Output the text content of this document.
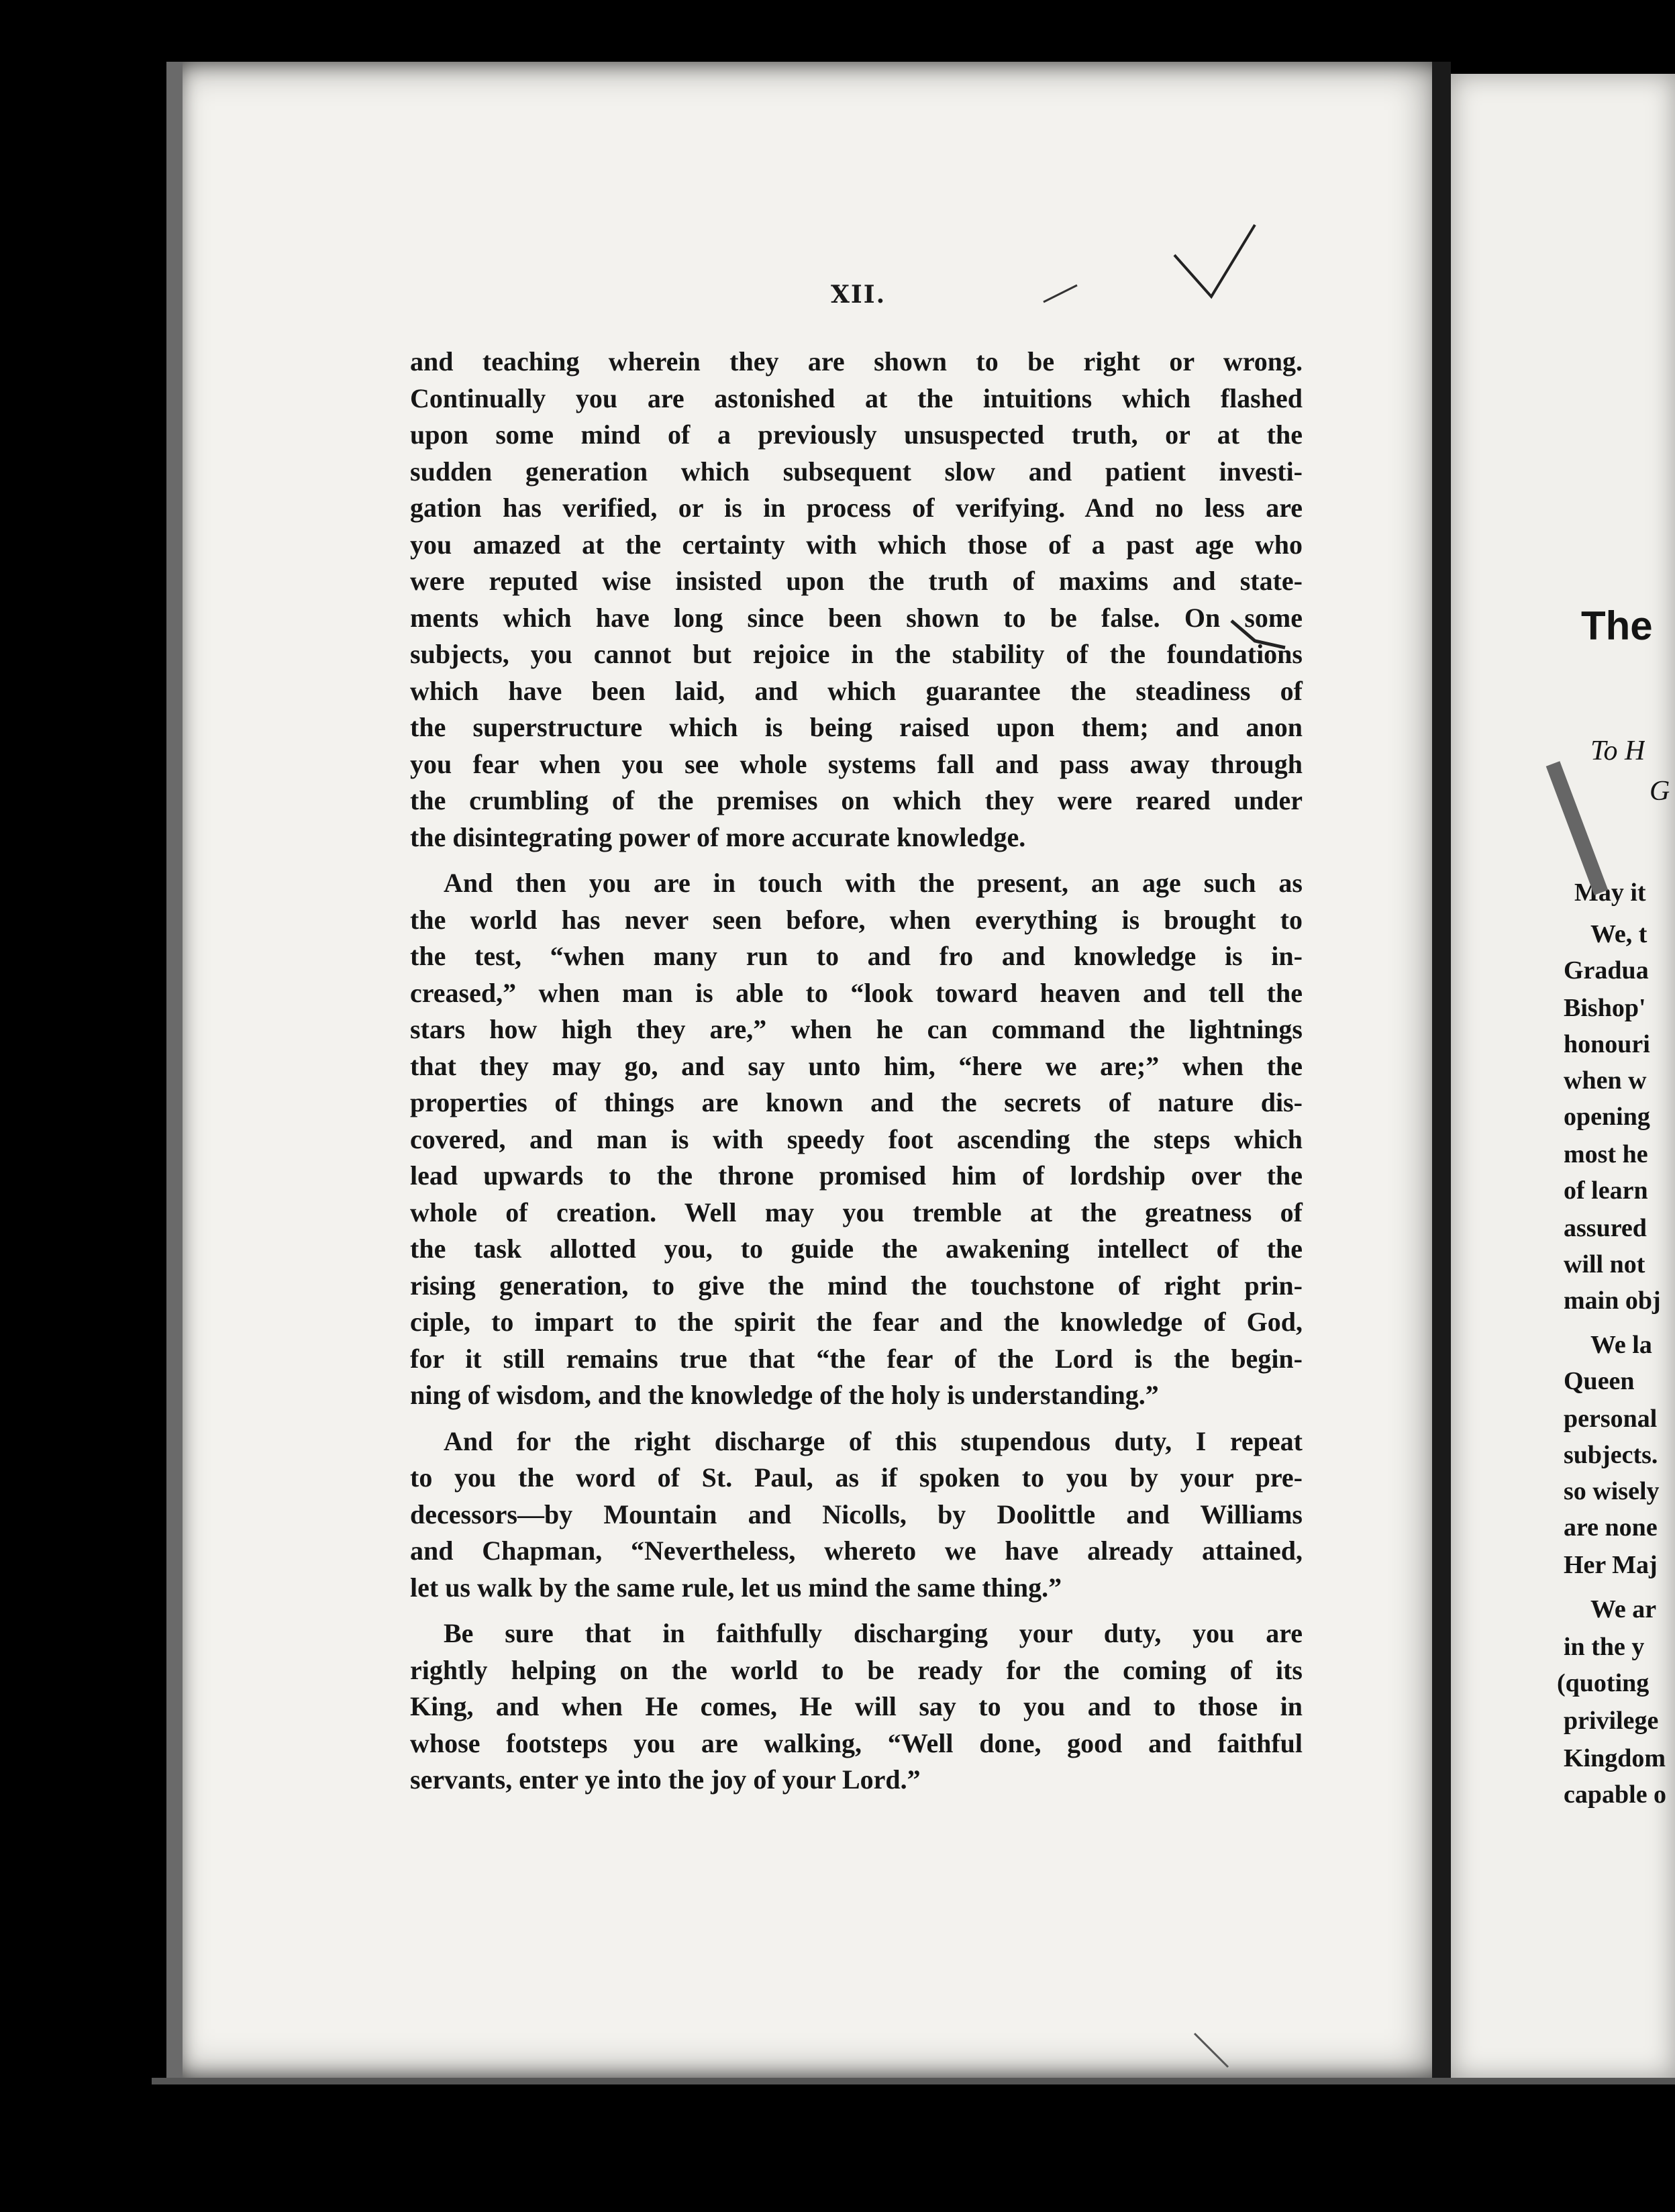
XII.
and teaching wherein they are shown to be right or wrong.
Continually you are astonished at the intuitions which flashed
upon some mind of a previously unsuspected truth, or at the
sudden generation which subsequent slow and patient investi-
gation has verified, or is in process of verifying. And no less are
you amazed at the certainty with which those of a past age who
were reputed wise insisted upon the truth of maxims and state-
ments which have long since been shown to be false. On some
subjects, you cannot but rejoice in the stability of the foundations
which have been laid, and which guarantee the steadiness of
the superstructure which is being raised upon them; and anon
you fear when you see whole systems fall and pass away through
the crumbling of the premises on which they were reared under
the disintegrating power of more accurate knowledge.
And then you are in touch with the present, an age such as
the world has never seen before, when everything is brought to
the test, “when many run to and fro and knowledge is in-
creased,” when man is able to “look toward heaven and tell the
stars how high they are,” when he can command the lightnings
that they may go, and say unto him, “here we are;” when the
properties of things are known and the secrets of nature dis-
covered, and man is with speedy foot ascending the steps which
lead upwards to the throne promised him of lordship over the
whole of creation. Well may you tremble at the greatness of
the task allotted you, to guide the awakening intellect of the
rising generation, to give the mind the touchstone of right prin-
ciple, to impart to the spirit the fear and the knowledge of God,
for it still remains true that “the fear of the Lord is the begin-
ning of wisdom, and the knowledge of the holy is understanding.”
And for the right discharge of this stupendous duty, I repeat
to you the word of St. Paul, as if spoken to you by your pre-
decessors—by Mountain and Nicolls, by Doolittle and Williams
and Chapman, “Nevertheless, whereto we have already attained,
let us walk by the same rule, let us mind the same thing.”
Be sure that in faithfully discharging your duty, you are
rightly helping on the world to be ready for the coming of its
King, and when He comes, He will say to you and to those in
whose footsteps you are walking, “Well done, good and faithful
servants, enter ye into the joy of your Lord.”
The
To H
G
May it
We, t
Gradua
Bishop'
honouri
when w
opening
most he
of learn
assured
will not
main obj
We la
Queen
personal
subjects.
so wisely
are none
Her Maj
We ar
in the y
(quoting
privilege
Kingdom
capable o
